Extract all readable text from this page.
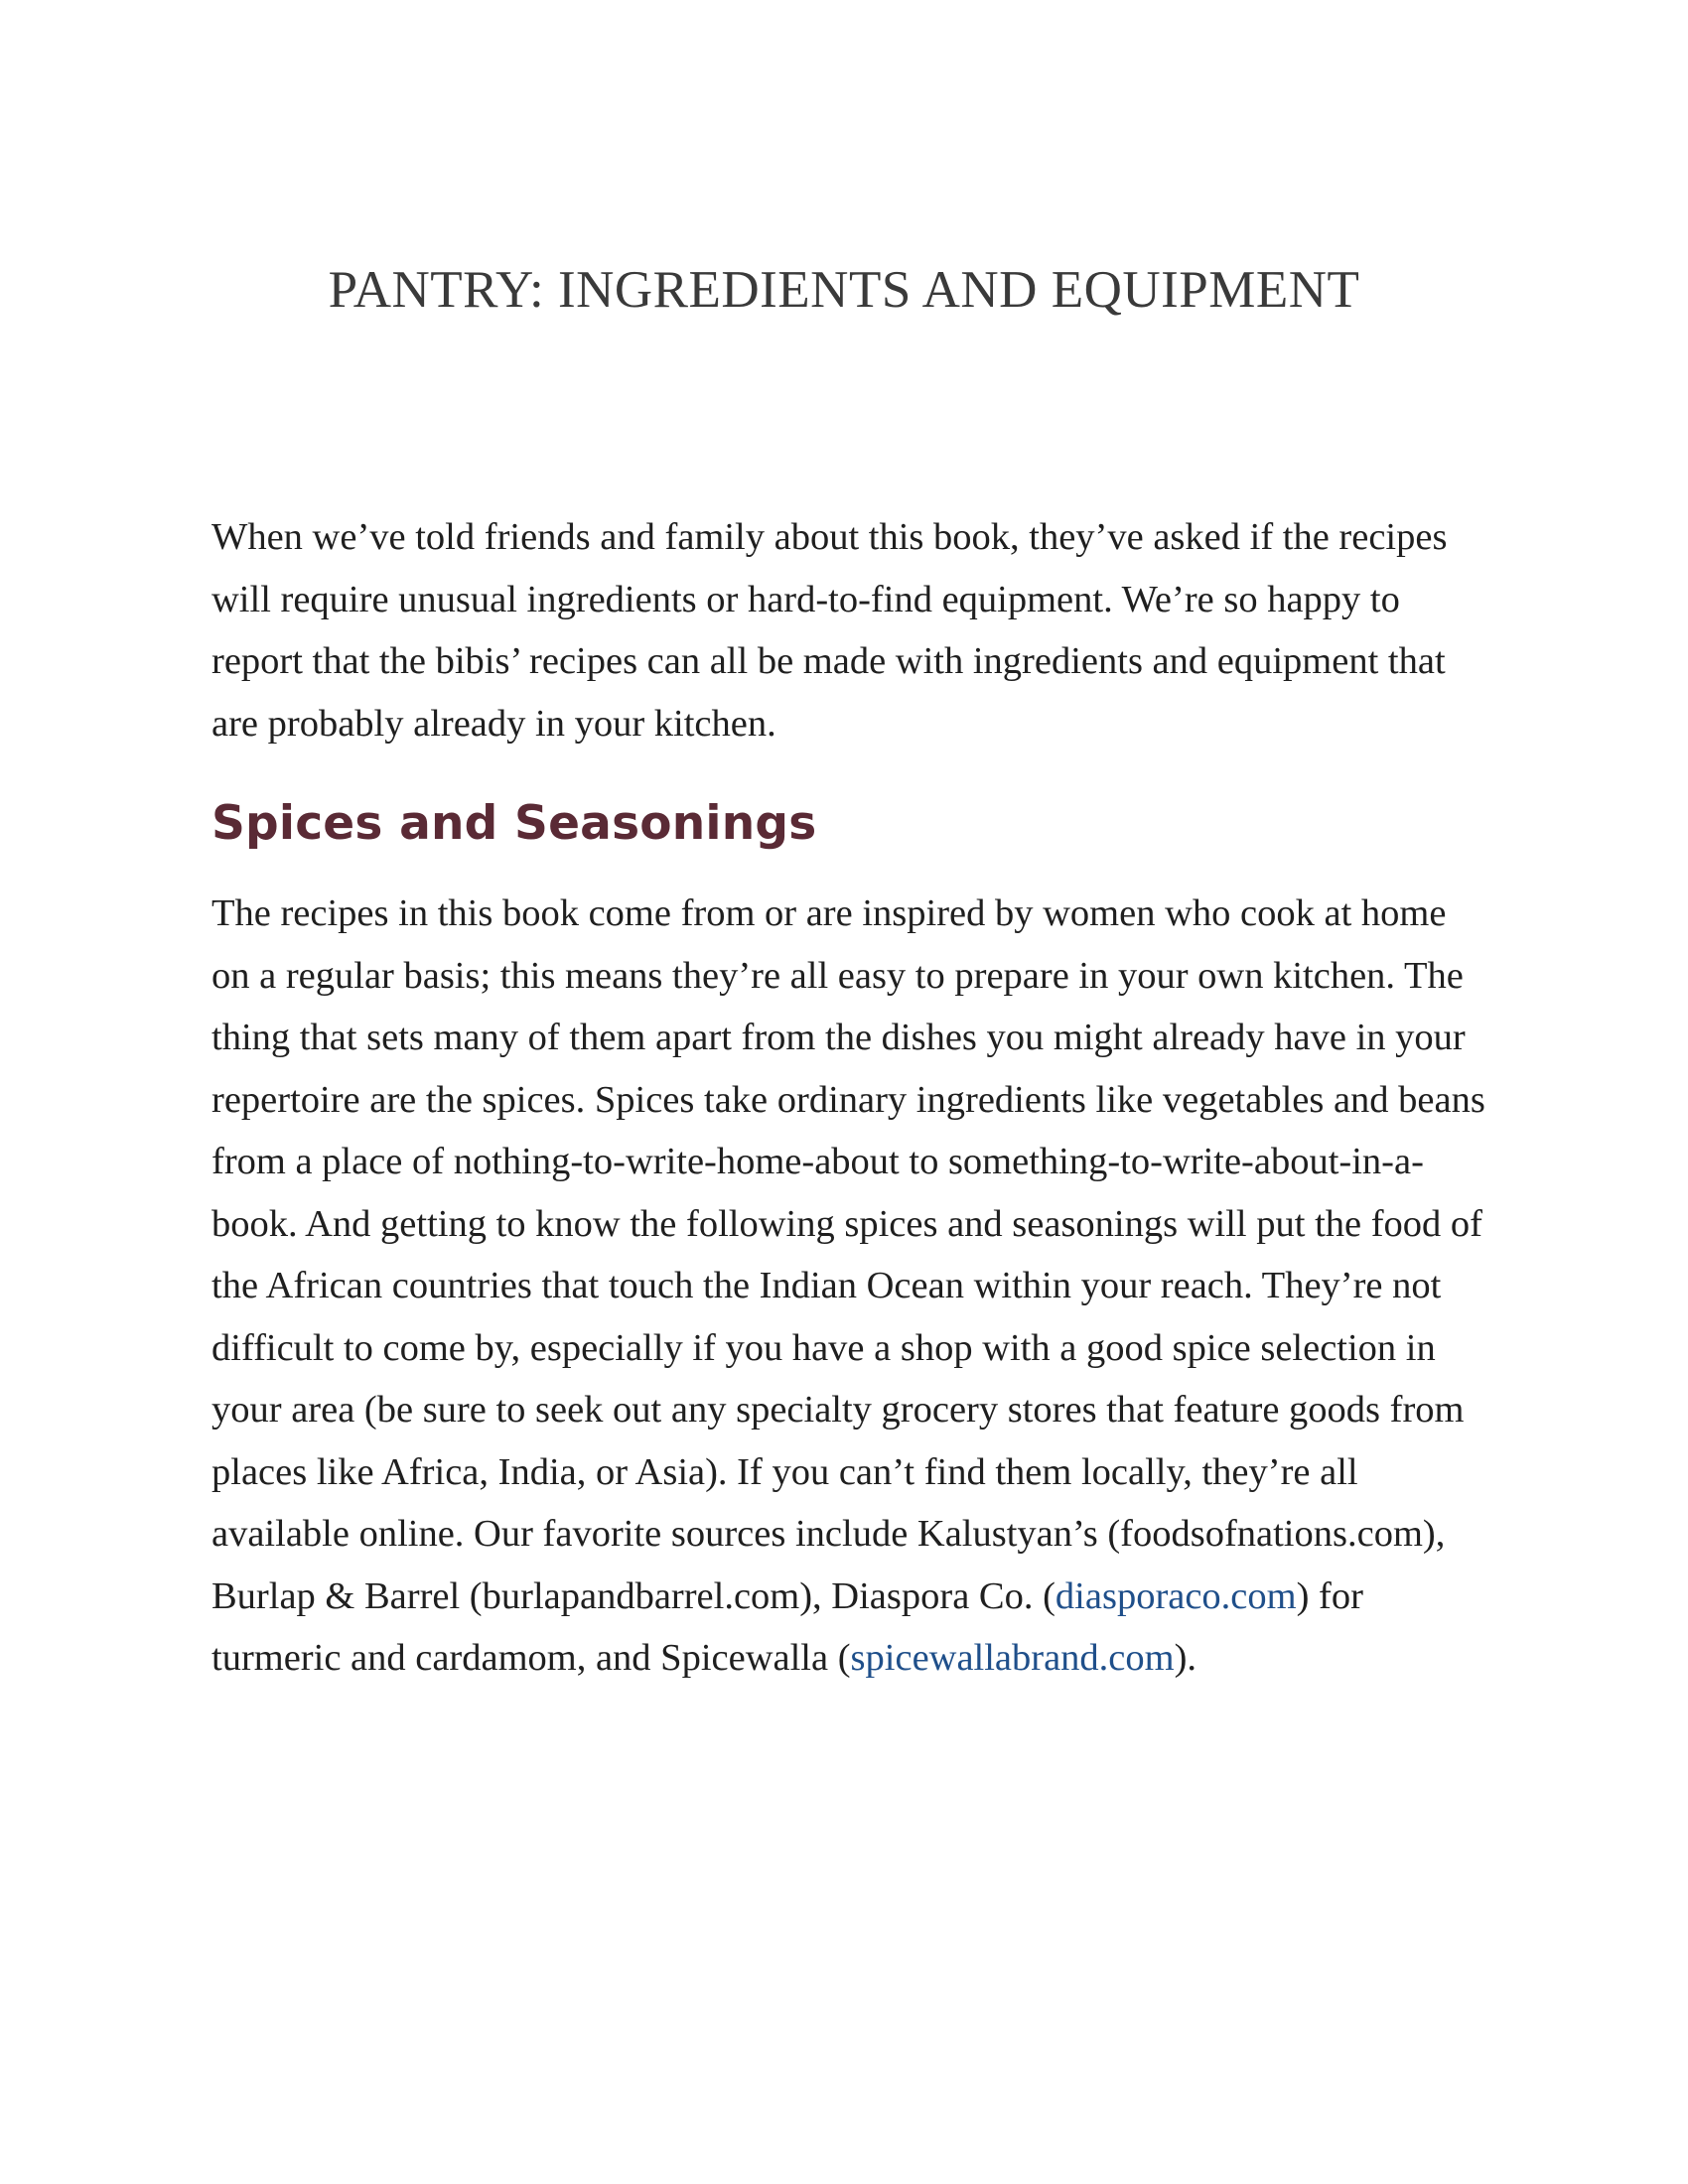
PANTRY: INGREDIENTS AND EQUIPMENT

When we’ve told friends and family about this book, they’ve asked if the recipes will require unusual ingredients or hard-to-find equipment. We’re so happy to report that the bibis’ recipes can all be made with ingredients and equipment that are probably already in your kitchen.

Spices and Seasonings

The recipes in this book come from or are inspired by women who cook at home on a regular basis; this means they’re all easy to prepare in your own kitchen. The thing that sets many of them apart from the dishes you might already have in your repertoire are the spices. Spices take ordinary ingredients like vegetables and beans from a place of nothing-to-write-home-about to something-to-write-about-in-a-book. And getting to know the following spices and seasonings will put the food of the African countries that touch the Indian Ocean within your reach. They’re not difficult to come by, especially if you have a shop with a good spice selection in your area (be sure to seek out any specialty grocery stores that feature goods from places like Africa, India, or Asia). If you can’t find them locally, they’re all available online. Our favorite sources include Kalustyan’s (foodsofnations.com), Burlap & Barrel (burlapandbarrel.com), Diaspora Co. (diasporaco.com) for turmeric and cardamom, and Spicewalla (spicewallabrand.com).
